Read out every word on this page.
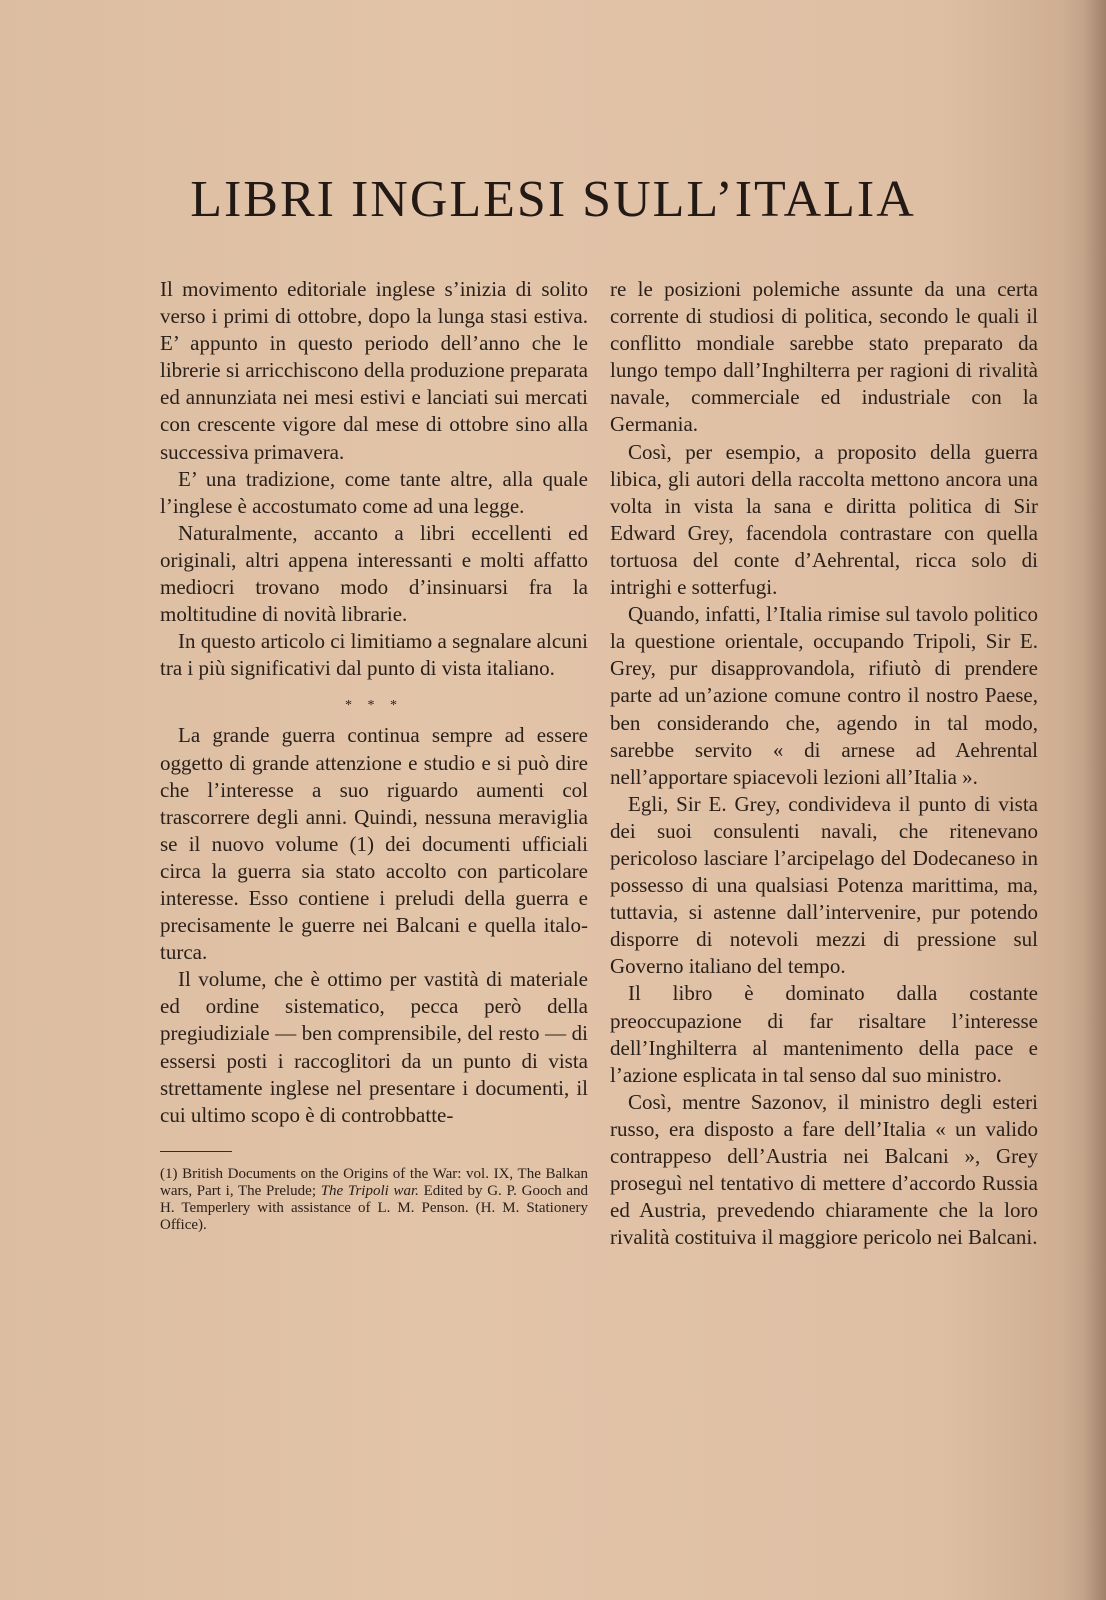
LIBRI INGLESI SULL’ITALIA

Il movimento editoriale inglese s’inizia di solito verso i primi di ottobre, dopo la lunga stasi estiva. E’ appunto in questo periodo dell’anno che le librerie si arricchiscono della produzione preparata ed annunziata nei mesi estivi e lanciati sui mercati con crescente vigore dal mese di ottobre sino alla successiva primavera.

E’ una tradizione, come tante altre, alla quale l’inglese è accostumato come ad una legge.

Naturalmente, accanto a libri eccellenti ed originali, altri appena interessanti e molti affatto mediocri trovano modo d’insinuarsi fra la moltitudine di novità librarie.

In questo articolo ci limitiamo a segnalare alcuni tra i più significativi dal punto di vista italiano.

* * *

La grande guerra continua sempre ad essere oggetto di grande attenzione e studio e si può dire che l’interesse a suo riguardo aumenti col trascorrere degli anni. Quindi, nessuna meraviglia se il nuovo volume (1) dei documenti ufficiali circa la guerra sia stato accolto con particolare interesse. Esso contiene i preludi della guerra e precisamente le guerre nei Balcani e quella italo-turca.

Il volume, che è ottimo per vastità di materiale ed ordine sistematico, pecca però della pregiudiziale — ben comprensibile, del resto — di essersi posti i raccoglitori da un punto di vista strettamente inglese nel presentare i documenti, il cui ultimo scopo è di controbbatte-

(1) British Documents on the Origins of the War: vol. IX, The Balkan wars, Part i, The Prelude; The Tripoli war. Edited by G. P. Gooch and H. Temperlery with assistance of L. M. Penson. (H. M. Stationery Office).

re le posizioni polemiche assunte da una certa corrente di studiosi di politica, secondo le quali il conflitto mondiale sarebbe stato preparato da lungo tempo dall’Inghilterra per ragioni di rivalità navale, commerciale ed industriale con la Germania.

Così, per esempio, a proposito della guerra libica, gli autori della raccolta mettono ancora una volta in vista la sana e diritta politica di Sir Edward Grey, facendola contrastare con quella tortuosa del conte d’Aehrental, ricca solo di intrighi e sotterfugi.

Quando, infatti, l’Italia rimise sul tavolo politico la questione orientale, occupando Tripoli, Sir E. Grey, pur disapprovandola, rifiutò di prendere parte ad un’azione comune contro il nostro Paese, ben considerando che, agendo in tal modo, sarebbe servito « di arnese ad Aehrental nell’apportare spiacevoli lezioni all’Italia ».

Egli, Sir E. Grey, condivideva il punto di vista dei suoi consulenti navali, che ritenevano pericoloso lasciare l’arcipelago del Dodecaneso in possesso di una qualsiasi Potenza marittima, ma, tuttavia, si astenne dall’intervenire, pur potendo disporre di notevoli mezzi di pressione sul Governo italiano del tempo.

Il libro è dominato dalla costante preoccupazione di far risaltare l’interesse dell’Inghilterra al mantenimento della pace e l’azione esplicata in tal senso dal suo ministro.

Così, mentre Sazonov, il ministro degli esteri russo, era disposto a fare dell’Italia « un valido contrappeso dell’Austria nei Balcani », Grey proseguì nel tentativo di mettere d’accordo Russia ed Austria, prevedendo chiaramente che la loro rivalità costituiva il maggiore pericolo nei Balcani.
